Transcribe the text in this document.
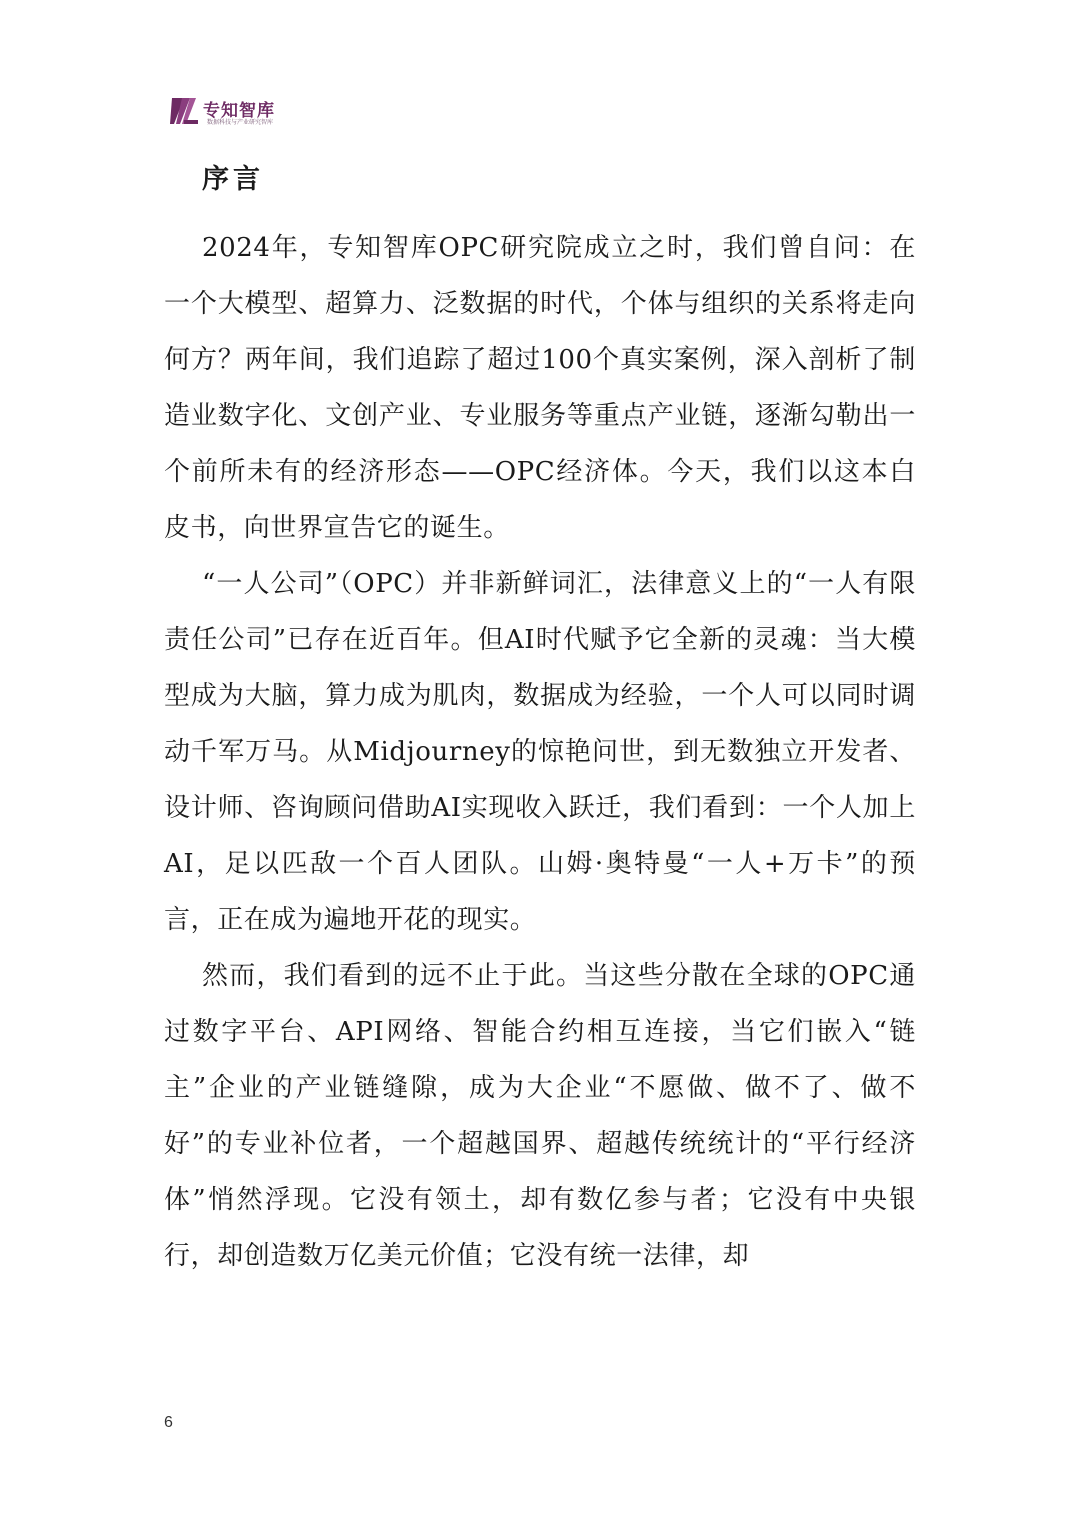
专知智库
数据科技与产业研究智库
序言

2024年，专知智库OPC研究院成立之时，我们曾自问：在一个大模型、超算力、泛数据的时代，个体与组织的关系将走向何方？两年间，我们追踪了超过100个真实案例，深入剖析了制造业数字化、文创产业、专业服务等重点产业链，逐渐勾勒出一个前所未有的经济形态——OPC经济体。今天，我们以这本白皮书，向世界宣告它的诞生。

“一人公司”（OPC）并非新鲜词汇，法律意义上的“一人有限责任公司”已存在近百年。但AI时代赋予它全新的灵魂：当大模型成为大脑，算力成为肌肉，数据成为经验，一个人可以同时调动千军万马。从Midjourney的惊艳问世，到无数独立开发者、设计师、咨询顾问借助AI实现收入跃迁，我们看到：一个人加上AI，足以匹敌一个百人团队。山姆·奥特曼“一人+万卡”的预言，正在成为遍地开花的现实。

然而，我们看到的远不止于此。当这些分散在全球的OPC通过数字平台、API网络、智能合约相互连接，当它们嵌入“链主”企业的产业链缝隙，成为大企业“不愿做、做不了、做不好”的专业补位者，一个超越国界、超越传统统计的“平行经济体”悄然浮现。它没有领土，却有数亿参与者；它没有中央银行，却创造数万亿美元价值；它没有统一法律，却

6
